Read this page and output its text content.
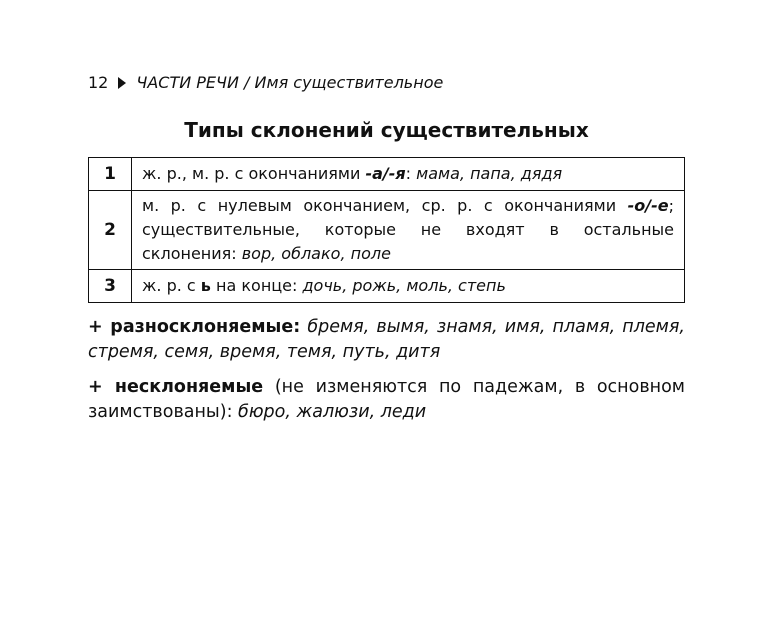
12 ЧАСТИ РЕЧИ / Имя существительное
Типы склонений существительных
1	ж. р., м. р. с окончаниями -а/-я: мама, папа, дядя
2	м. р. с нулевым окончанием, ср. р. с окончаниями -о/-е; существительные, которые не входят в остальные склонения: вор, облако, поле
3	ж. р. с ь на конце: дочь, рожь, моль, степь
+ разносклоняемые: бремя, вымя, знамя, имя, пламя, племя, стремя, семя, время, темя, путь, дитя
+ несклоняемые (не изменяются по падежам, в основном заимствованы): бюро, жалюзи, леди
